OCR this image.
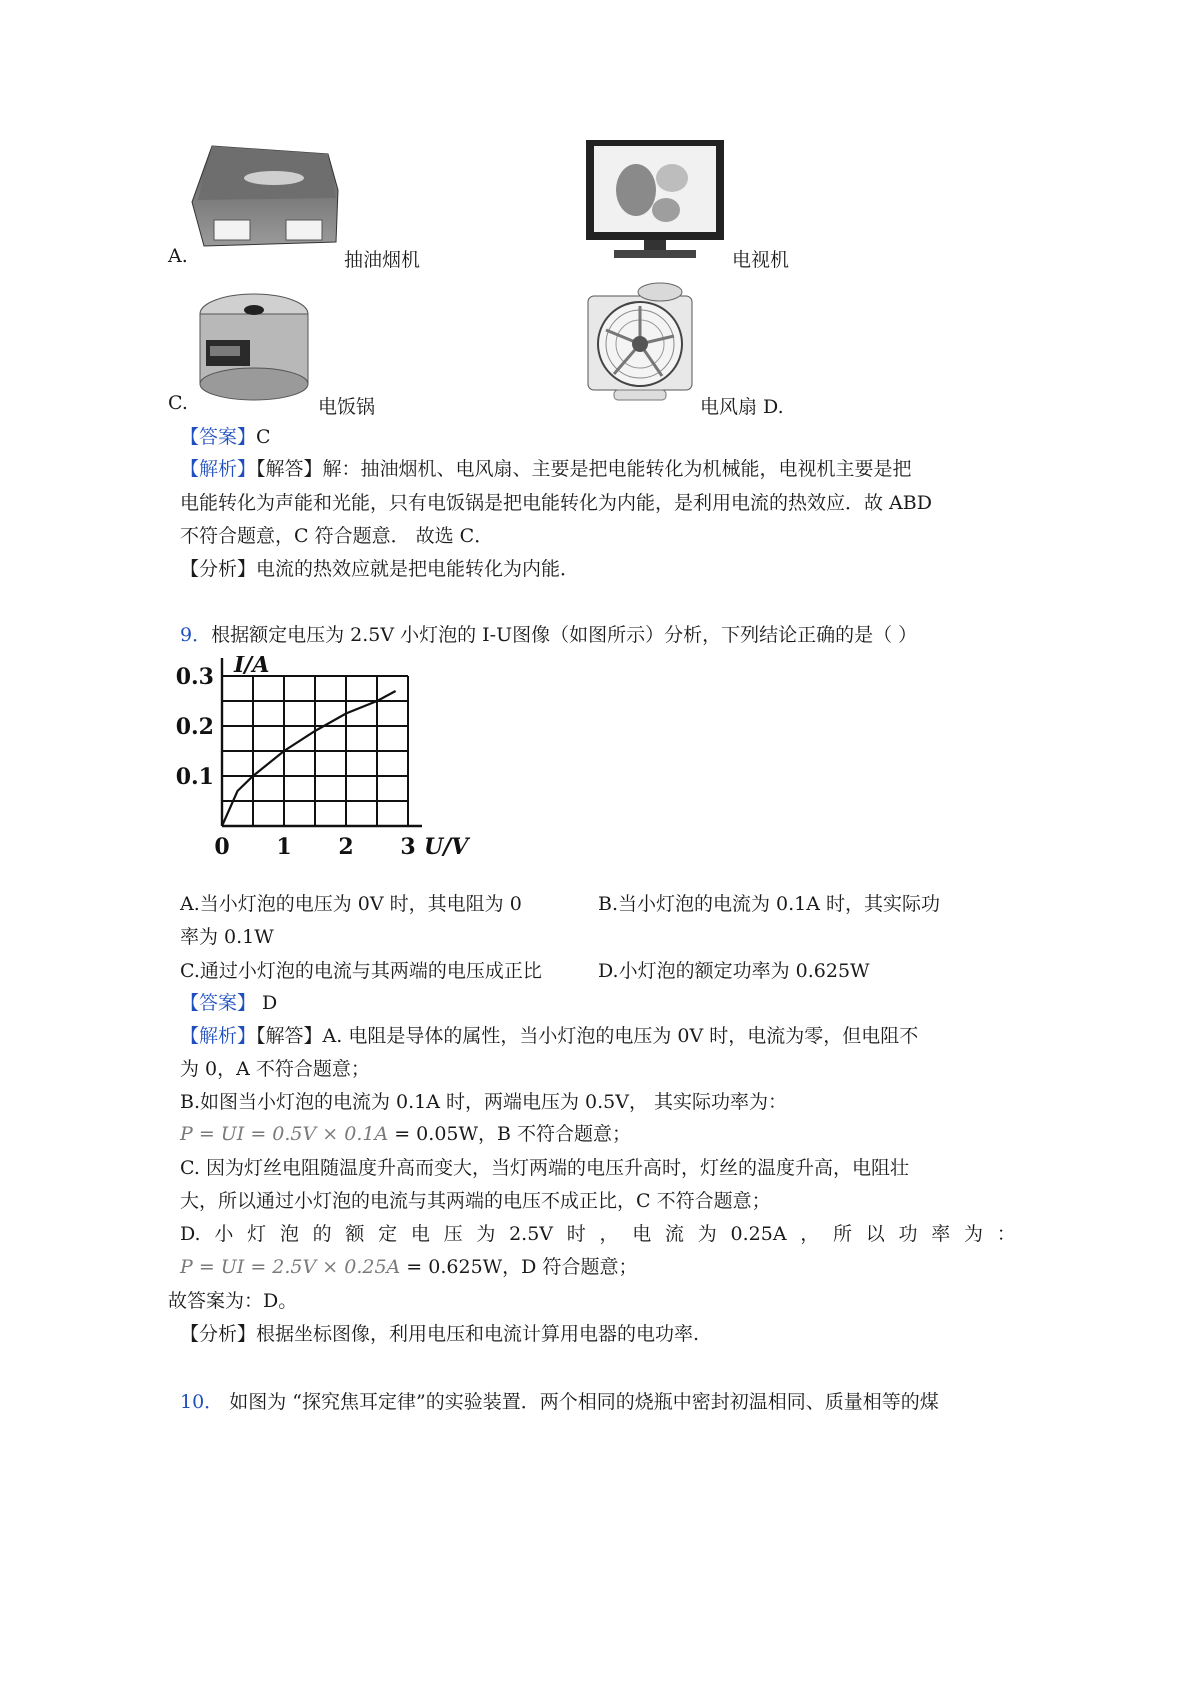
A.	抽油烟机	电视机
C.	电饭锅	电风扇 D.
【答案】C
【解析】【解答】解：抽油烟机、电风扇、主要是把电能转化为机械能，电视机主要是把
电能转化为声能和光能，只有电饭锅是把电能转化为内能，是利用电流的热效应．故 ABD
不符合题意，C 符合题意． 故选 C．
【分析】电流的热效应就是把电能转化为内能．
9．根据额定电压为 2.5V 小灯泡的 I-U图像（如图所示）分析，下列结论正确的是（ ）
0 1 2 3
0.1
0.2
0.3
U/V
I/A
A.当小灯泡的电压为 0V 时，其电阻为 0	B.当小灯泡的电流为 0.1A 时，其实际功
率为 0.1W
C.通过小灯泡的电流与其两端的电压成正比	D.小灯泡的额定功率为 0.625W
【答案】 D
【解析】【解答】A. 电阻是导体的属性，当小灯泡的电压为 0V 时，电流为零，但电阻不
为 0，A 不符合题意；
B.如图当小灯泡的电流为 0.1A 时，两端电压为 0.5V， 其实际功率为：
P = UI = 0.5V × 0.1A = 0.05W，B 不符合题意；
C. 因为灯丝电阻随温度升高而变大，当灯两端的电压升高时，灯丝的温度升高，电阻壮
大，所以通过小灯泡的电流与其两端的电压不成正比，C 不符合题意；
D. 小 灯 泡 的 额 定 电 压 为 2.5V 时 ， 电 流 为 0.25A ， 所 以 功 率 为 ：
P = UI = 2.5V × 0.25A = 0.625W，D 符合题意；
故答案为：D。
【分析】根据坐标图像，利用电压和电流计算用电器的电功率.
10． 如图为 “探究焦耳定律”的实验装置．两个相同的烧瓶中密封初温相同、质量相等的煤
